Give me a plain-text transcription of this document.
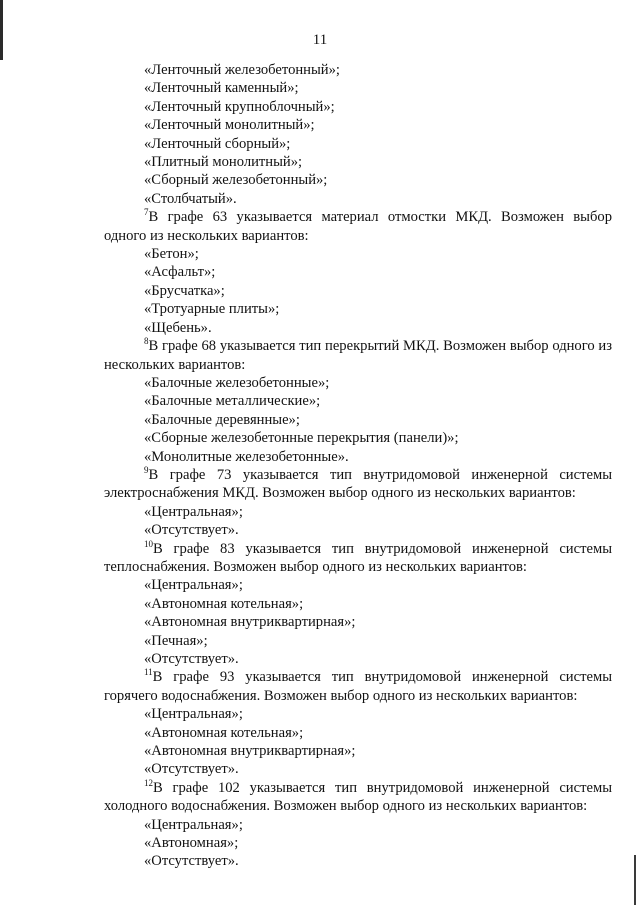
11
«Ленточный железобетонный»;
«Ленточный каменный»;
«Ленточный крупноблочный»;
«Ленточный монолитный»;
«Ленточный сборный»;
«Плитный монолитный»;
«Сборный железобетонный»;
«Столбчатый».
$^7$В графе 63 указывается материал отмостки МКД. Возможен выбор одного из нескольких вариантов:
«Бетон»;
«Асфальт»;
«Брусчатка»;
«Тротуарные плиты»;
«Щебень».
$^8$В графе 68 указывается тип перекрытий МКД. Возможен выбор одного из нескольких вариантов:
«Балочные железобетонные»;
«Балочные металлические»;
«Балочные деревянные»;
«Сборные железобетонные перекрытия (панели)»;
«Монолитные железобетонные».
$^9$В графе 73 указывается тип внутридомовой инженерной системы электроснабжения МКД. Возможен выбор одного из нескольких вариантов:
«Центральная»;
«Отсутствует».
$^{10}$В графе 83 указывается тип внутридомовой инженерной системы теплоснабжения. Возможен выбор одного из нескольких вариантов:
«Центральная»;
«Автономная котельная»;
«Автономная внутриквартирная»;
«Печная»;
«Отсутствует».
$^{11}$В графе 93 указывается тип внутридомовой инженерной системы горячего водоснабжения. Возможен выбор одного из нескольких вариантов:
«Центральная»;
«Автономная котельная»;
«Автономная внутриквартирная»;
«Отсутствует».
$^{12}$В графе 102 указывается тип внутридомовой инженерной системы холодного водоснабжения. Возможен выбор одного из нескольких вариантов:
«Центральная»;
«Автономная»;
«Отсутствует».
